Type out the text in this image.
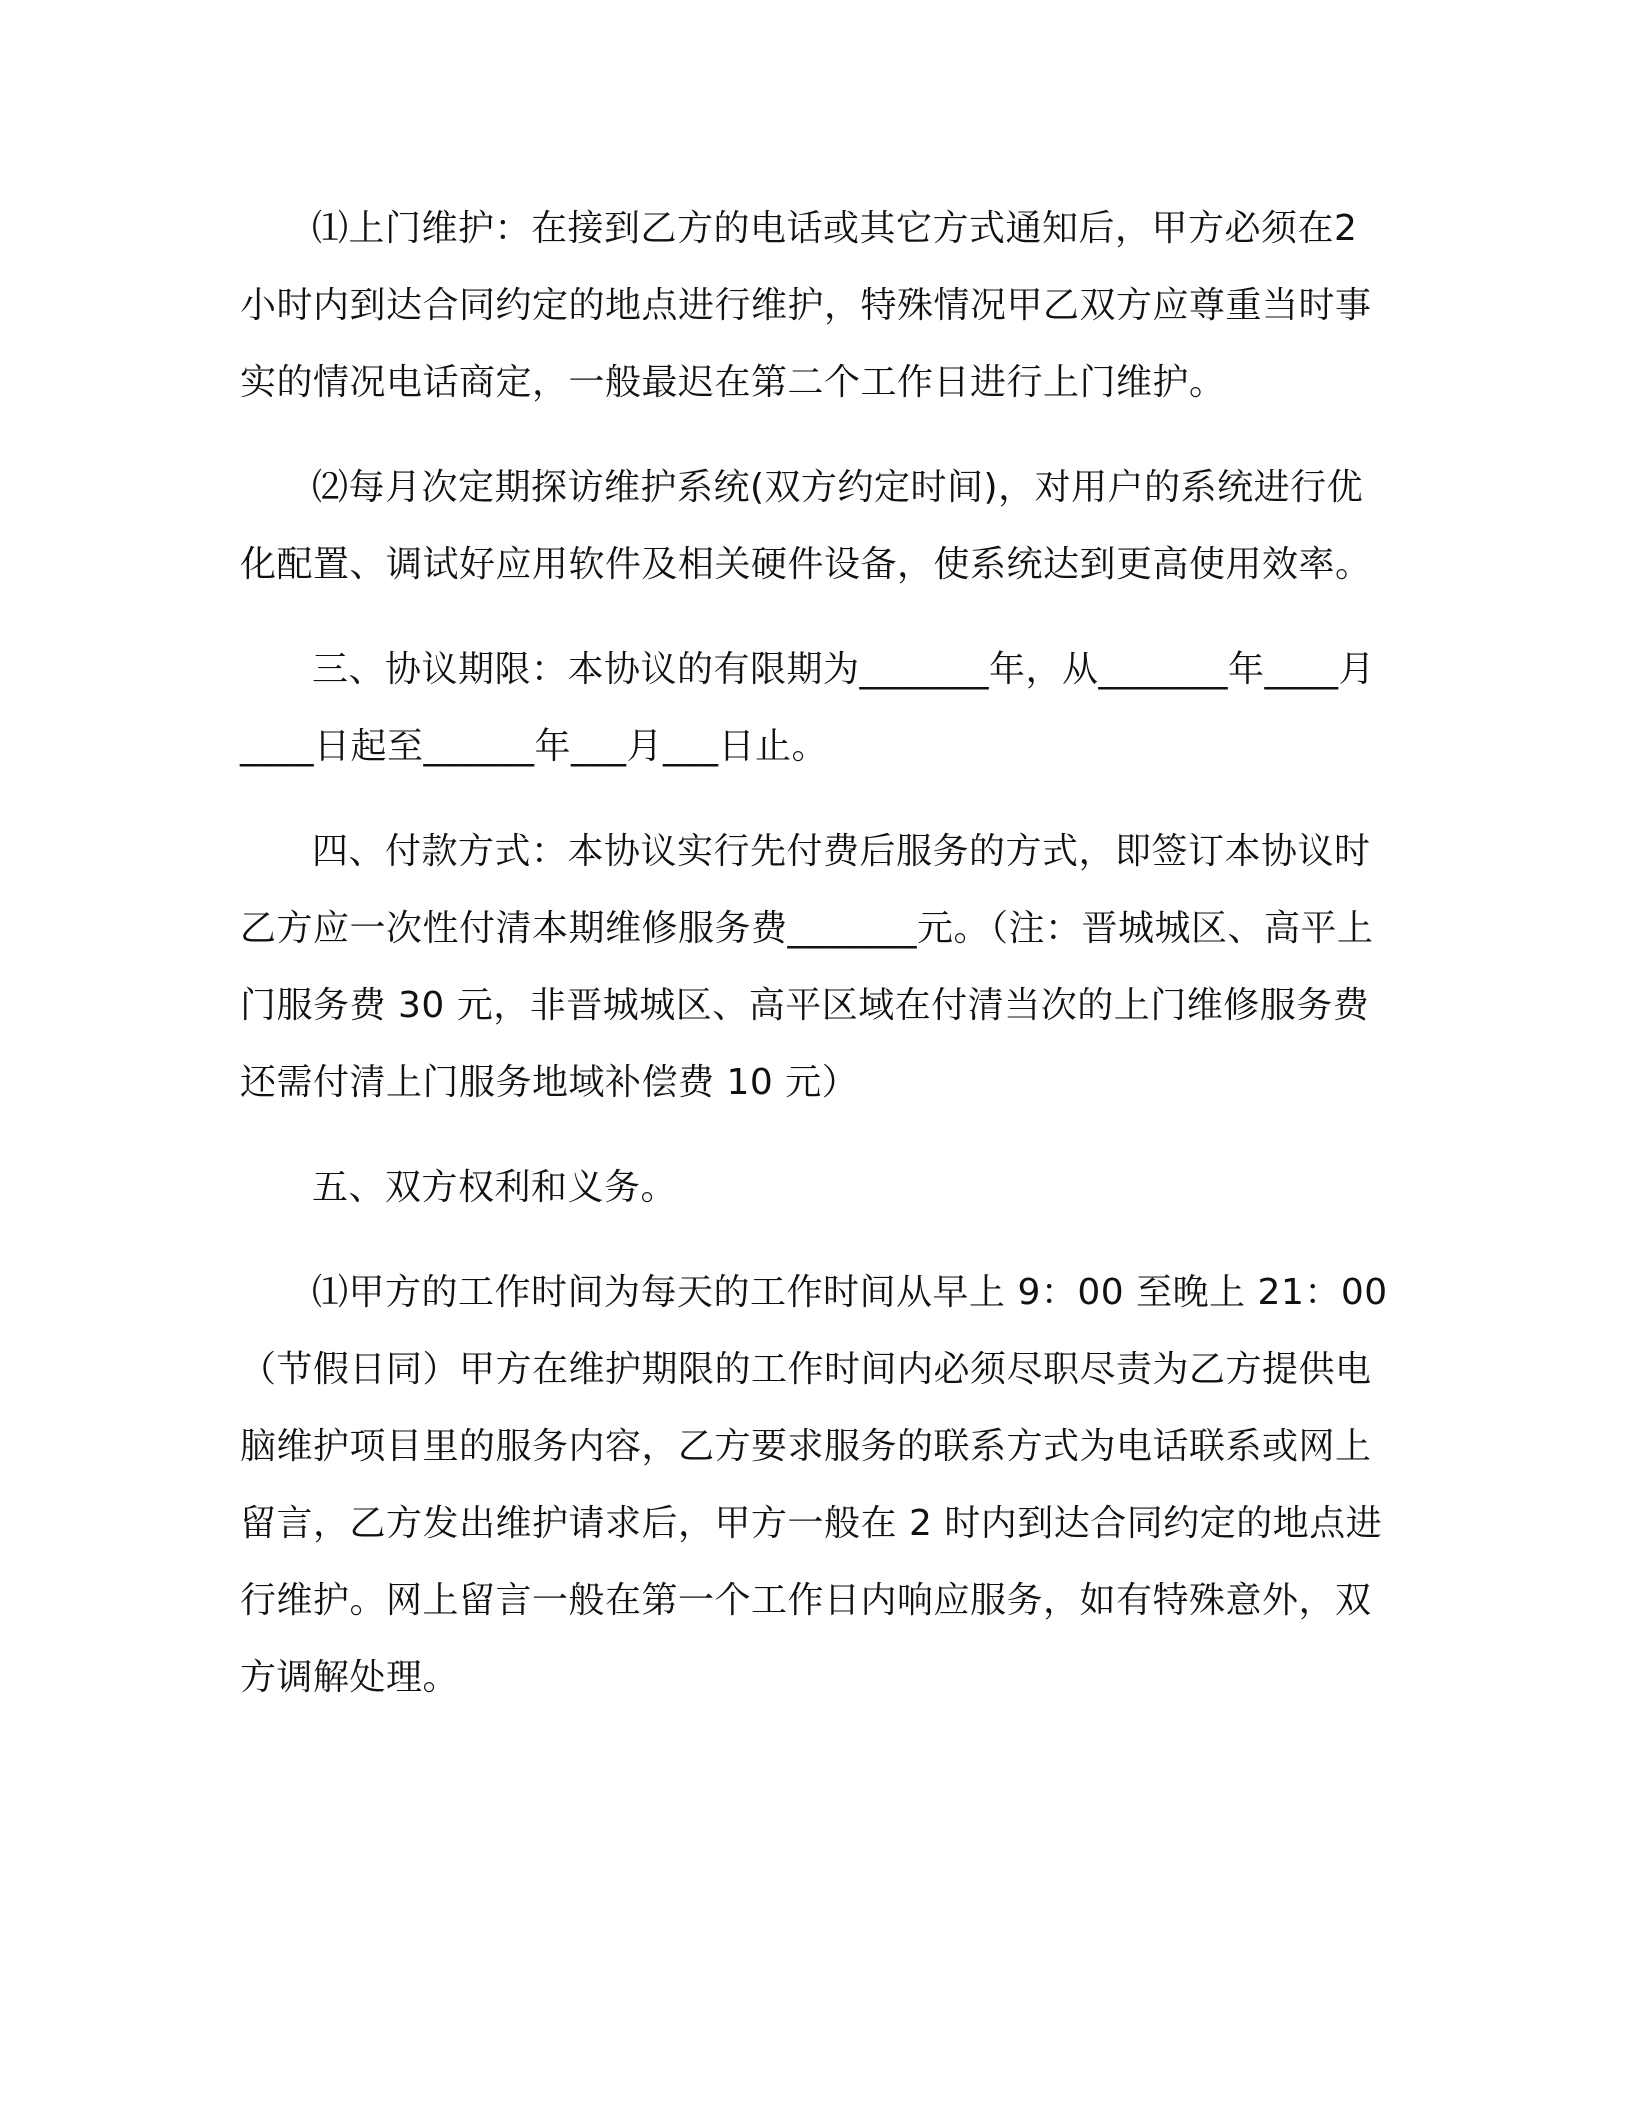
⑴上门维护：在接到乙方的电话或其它方式通知后，甲方必须在2 小时内到达合同约定的地点进行维护，特殊情况甲乙双方应尊重当时事实的情况电话商定，一般最迟在第二个工作日进行上门维护。

⑵每月次定期探访维护系统(双方约定时间)，对用户的系统进行优化配置、调试好应用软件及相关硬件设备，使系统达到更高使用效率。

三、协议期限：本协议的有限期为_______年，从_______年____月____日起至______年___月___日止。

四、付款方式：本协议实行先付费后服务的方式，即签订本协议时乙方应一次性付清本期维修服务费_______元。（注：晋城城区、高平上门服务费 30 元，非晋城城区、高平区域在付清当次的上门维修服务费还需付清上门服务地域补偿费 10 元）

五、双方权利和义务。

⑴甲方的工作时间为每天的工作时间从早上 9：00 至晚上 21：00（节假日同）甲方在维护期限的工作时间内必须尽职尽责为乙方提供电脑维护项目里的服务内容，乙方要求服务的联系方式为电话联系或网上留言，乙方发出维护请求后，甲方一般在 2 时内到达合同约定的地点进行维护。网上留言一般在第一个工作日内响应服务，如有特殊意外，双方调解处理。
